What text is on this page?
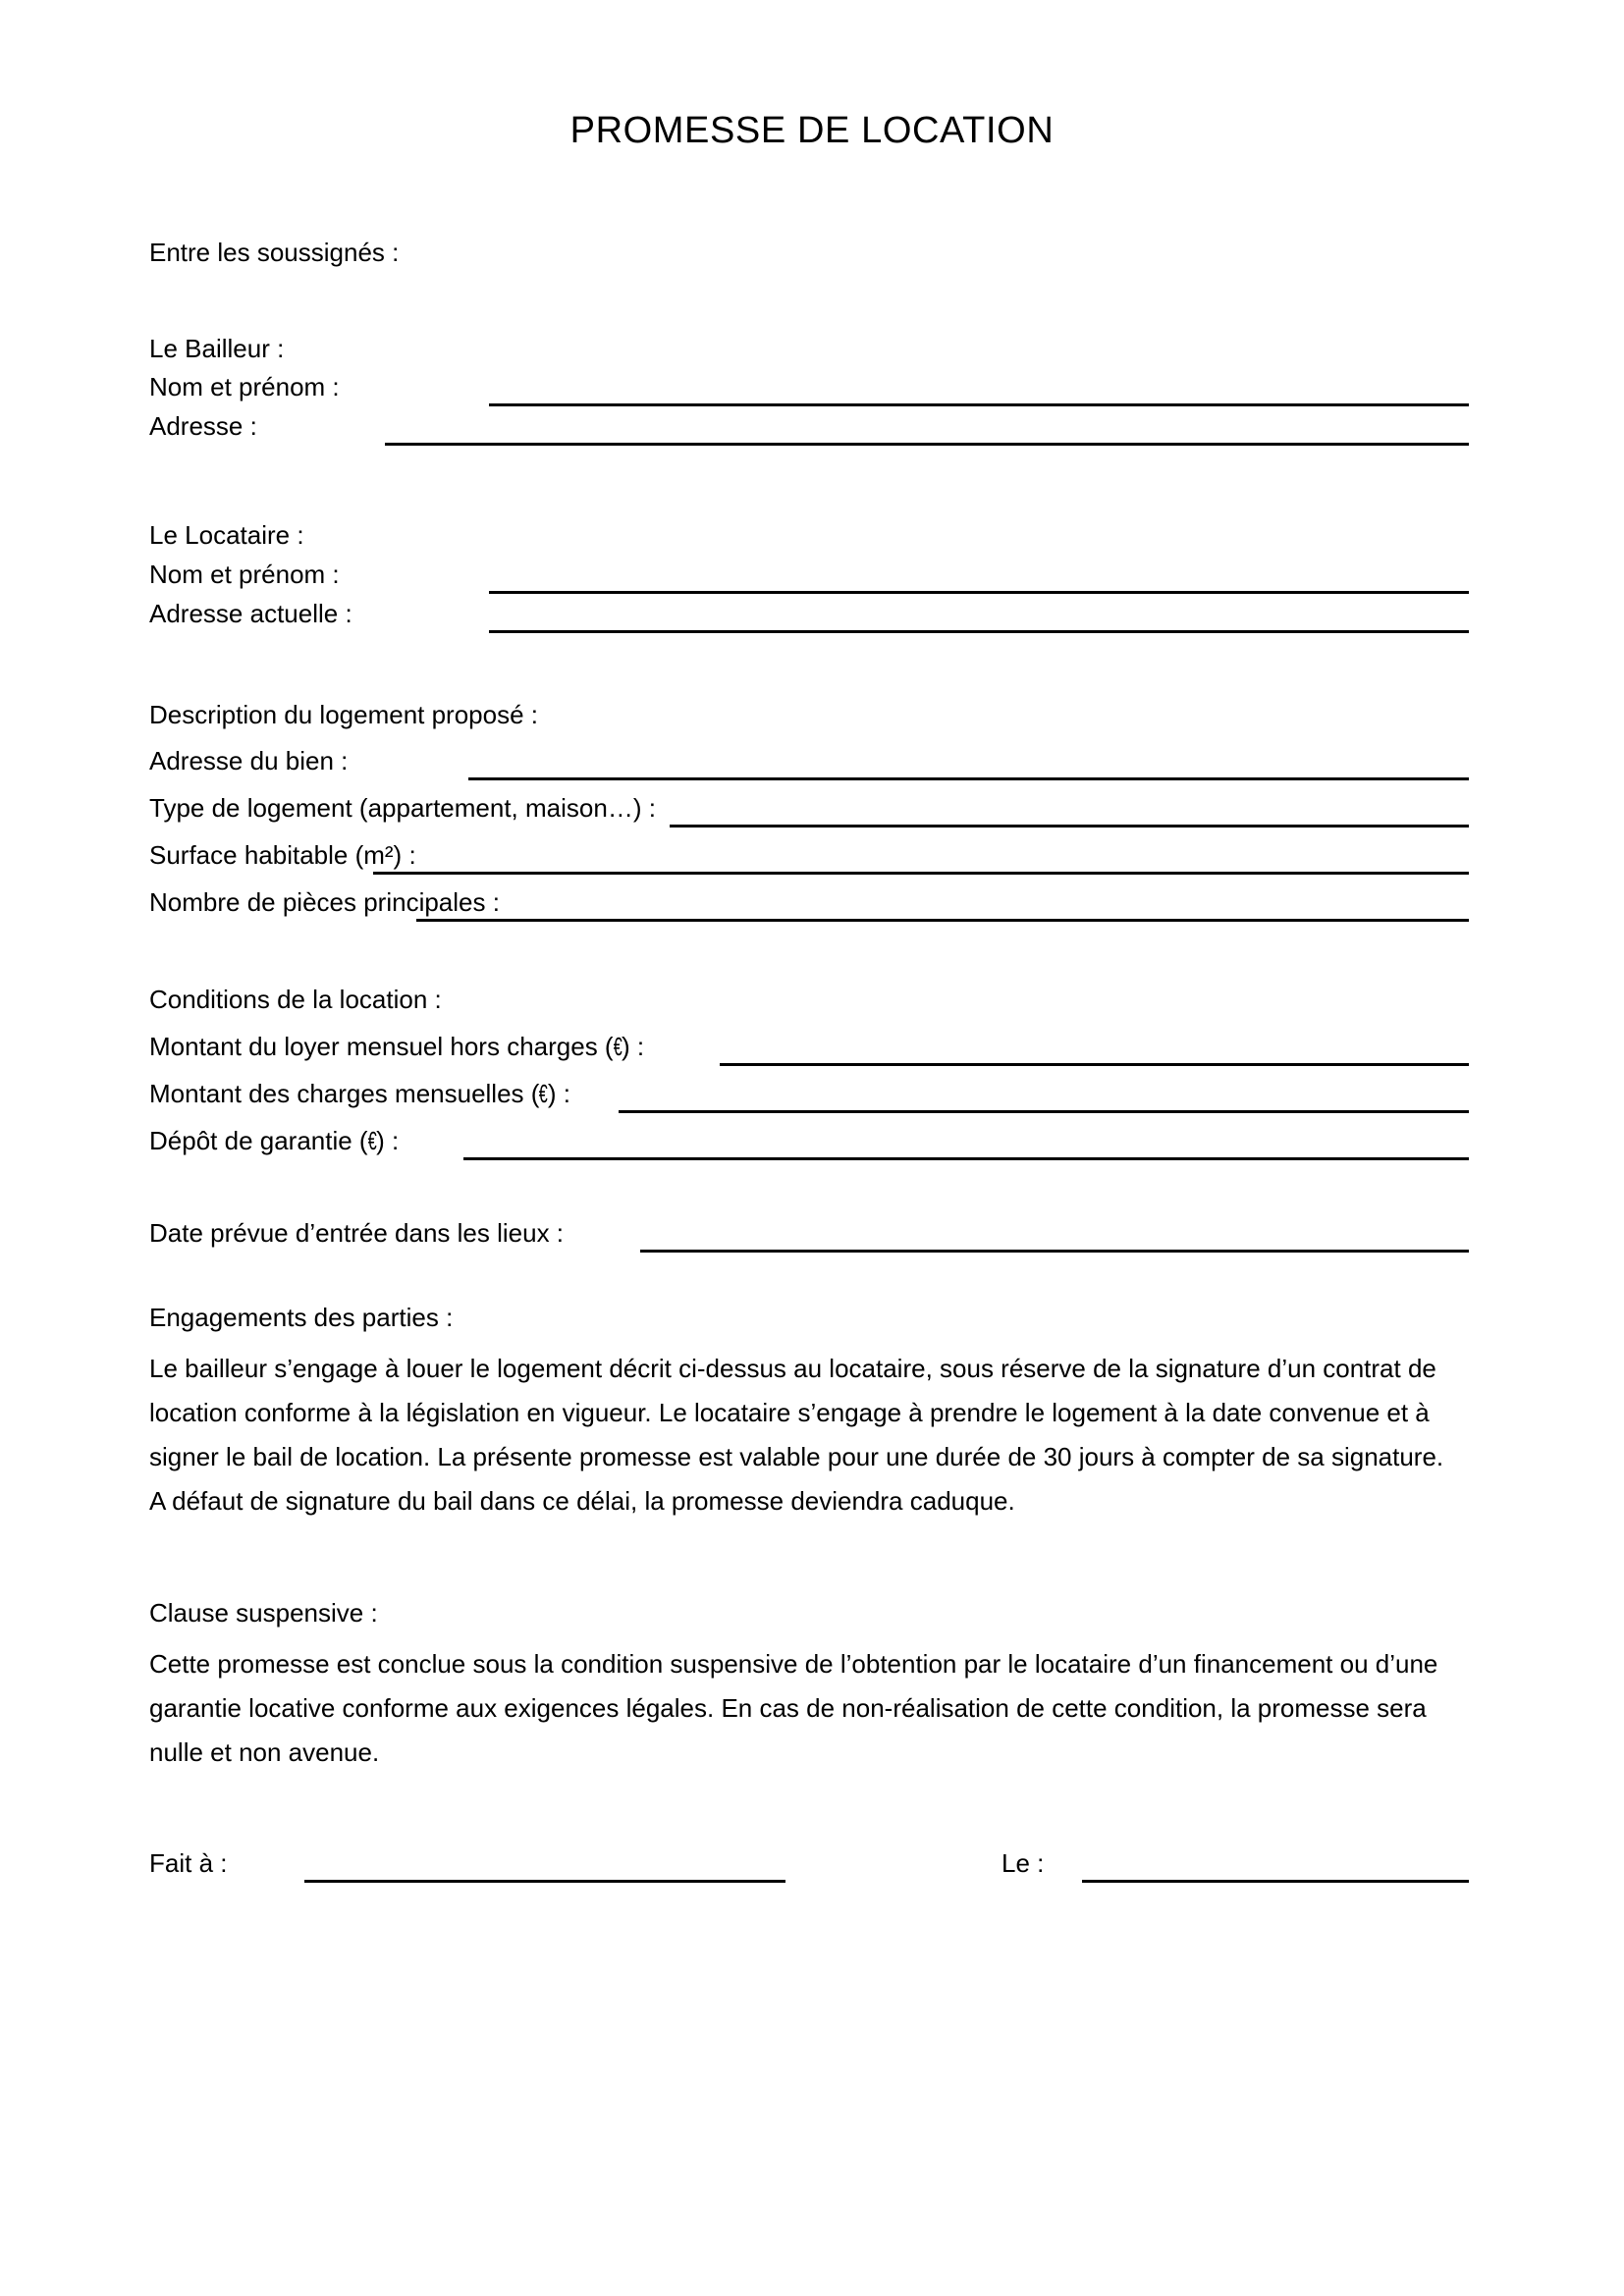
PROMESSE DE LOCATION
Entre les soussignés :
Le Bailleur :
Nom et prénom :
Adresse :
Le Locataire :
Nom et prénom :
Adresse actuelle :
Description du logement proposé :
Adresse du bien :
Type de logement (appartement, maison…) :
Surface habitable (m²) :
Nombre de pièces principales :
Conditions de la location :
Montant du loyer mensuel hors charges (€) :
Montant des charges mensuelles (€) :
Dépôt de garantie (€) :
Date prévue d’entrée dans les lieux :
Engagements des parties :
Le bailleur s’engage à louer le logement décrit ci-dessus au locataire, sous réserve de la signature d’un contrat de location conforme à la législation en vigueur. Le locataire s’engage à prendre le logement à la date convenue et à signer le bail de location. La présente promesse est valable pour une durée de 30 jours à compter de sa signature. A défaut de signature du bail dans ce délai, la promesse deviendra caduque.
Clause suspensive :
Cette promesse est conclue sous la condition suspensive de l’obtention par le locataire d’un financement ou d’une garantie locative conforme aux exigences légales. En cas de non-réalisation de cette condition, la promesse sera nulle et non avenue.
Fait à :	Le :
